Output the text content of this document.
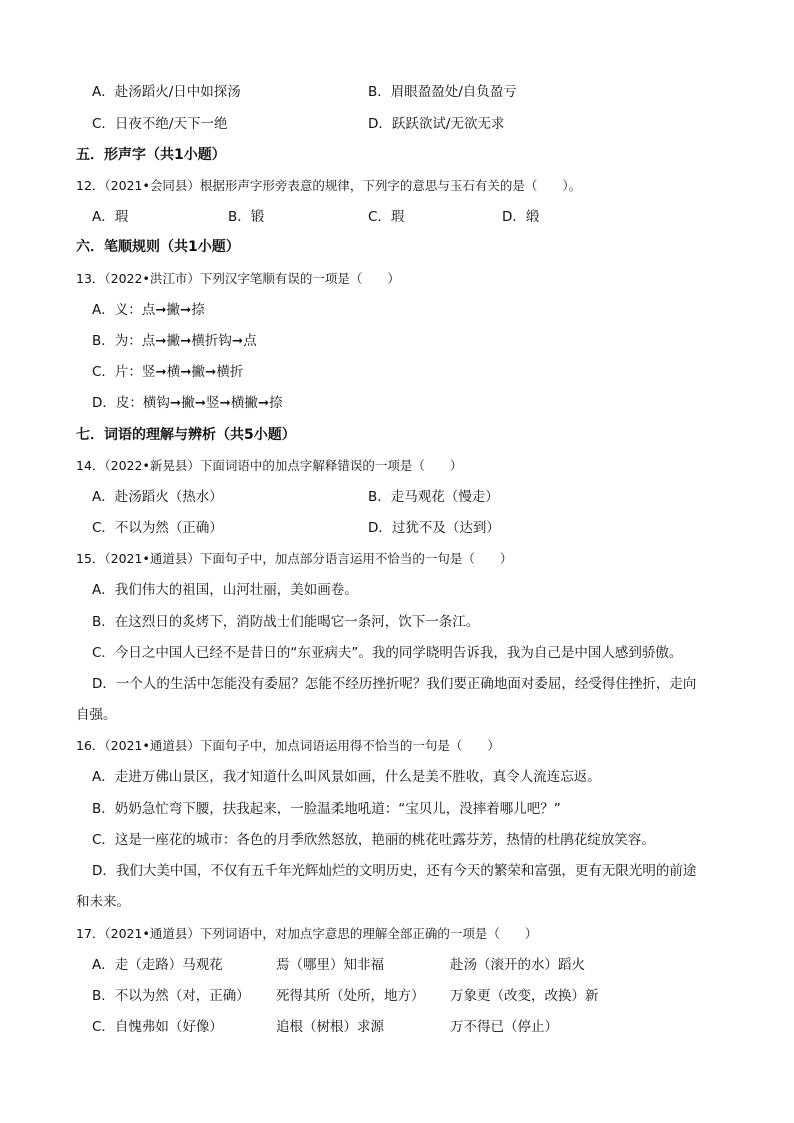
A．赴汤蹈火/日中如探汤	B．眉眼盈盈处/自负盈亏
C．日夜不绝/天下一绝	D．跃跃欲试/无欲无求
五．形声字（共1小题）
12．（2021•会同县）根据形声字形旁表意的规律，下列字的意思与玉石有关的是（　　）。
A．瑕	B．锻	C．瑕	D．缎
六．笔顺规则（共1小题）
13．（2022•洪江市）下列汉字笔顺有误的一项是（　　）
A．义：点➞撇➞捺
B．为：点➞撇➞横折钩➞点
C．片：竖➞横➞撇➞横折
D．皮：横钩➞撇➞竖➞横撇➞捺
七．词语的理解与辨析（共5小题）
14．（2022•新晃县）下面词语中的加点字解释错误的一项是（　　）
A．赴汤蹈火（热水）	B．走马观花（慢走）
C．不以为然（正确）	D．过犹不及（达到）
15．（2021•通道县）下面句子中，加点部分语言运用不恰当的一句是（　　）
A．我们伟大的祖国，山河壮丽，美如画卷。
B．在这烈日的炙烤下，消防战士们能喝它一条河，饮下一条江。
C．今日之中国人已经不是昔日的“东亚病夫”。我的同学晓明告诉我，我为自己是中国人感到骄傲。
D．一个人的生活中怎能没有委屈？怎能不经历挫折呢？我们要正确地面对委屈，经受得住挫折，走向
自强。
16．（2021•通道县）下面句子中，加点词语运用得不恰当的一句是（　　）
A．走进万佛山景区，我才知道什么叫风景如画，什么是美不胜收，真令人流连忘返。
B．奶奶急忙弯下腰，扶我起来，一脸温柔地吼道：“宝贝儿，没摔着哪儿吧？”
C．这是一座花的城市：各色的月季欣然怒放，艳丽的桃花吐露芬芳，热情的杜鹃花绽放笑容。
D．我们大美中国，不仅有五千年光辉灿烂的文明历史，还有今天的繁荣和富强，更有无限光明的前途
和未来。
17．（2021•通道县）下列词语中，对加点字意思的理解全部正确的一项是（　　）
A．走（走路）马观花	焉（哪里）知非福	赴汤（滚开的水）蹈火
B．不以为然（对，正确） 死得其所（处所，地方） 万象更（改变，改换）新
C．自愧弗如（好像）	追根（树根）求源	万不得已（停止）
